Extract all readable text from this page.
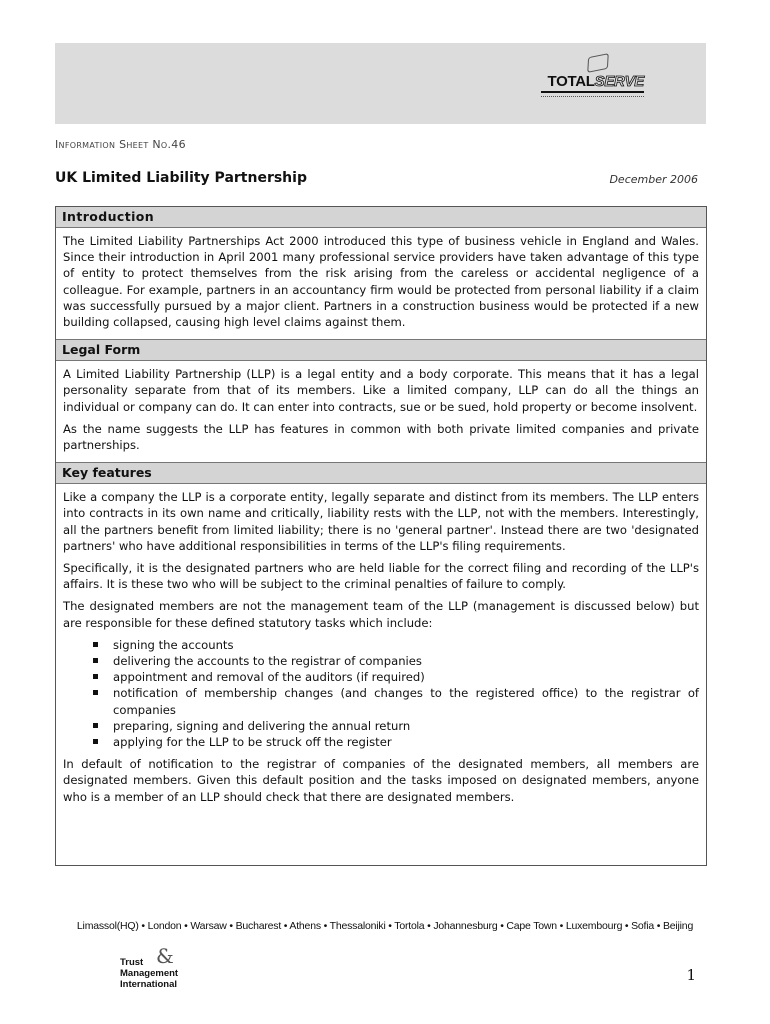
TOTALSERVE
Information Sheet No.46
UK Limited Liability Partnership	December 2006
Introduction

The Limited Liability Partnerships Act 2000 introduced this type of business vehicle in England and Wales. Since their introduction in April 2001 many professional service providers have taken advantage of this type of entity to protect themselves from the risk arising from the careless or accidental negligence of a colleague. For example, partners in an accountancy firm would be protected from personal liability if a claim was successfully pursued by a major client. Partners in a construction business would be protected if a new building collapsed, causing high level claims against them.

Legal Form

A Limited Liability Partnership (LLP) is a legal entity and a body corporate. This means that it has a legal personality separate from that of its members. Like a limited company, LLP can do all the things an individual or company can do. It can enter into contracts, sue or be sued, hold property or become insolvent.

As the name suggests the LLP has features in common with both private limited companies and private partnerships.

Key features

Like a company the LLP is a corporate entity, legally separate and distinct from its members. The LLP enters into contracts in its own name and critically, liability rests with the LLP, not with the members. Interestingly, all the partners benefit from limited liability; there is no 'general partner'. Instead there are two 'designated partners' who have additional responsibilities in terms of the LLP's filing requirements.

Specifically, it is the designated partners who are held liable for the correct filing and recording of the LLP's affairs. It is these two who will be subject to the criminal penalties of failure to comply.

The designated members are not the management team of the LLP (management is discussed below) but are responsible for these defined statutory tasks which include:

signing the accounts
delivering the accounts to the registrar of companies
appointment and removal of the auditors (if required)
notification of membership changes (and changes to the registered office) to the registrar of companies
preparing, signing and delivering the annual return
applying for the LLP to be struck off the register

In default of notification to the registrar of companies of the designated members, all members are designated members. Given this default position and the tasks imposed on designated members, anyone who is a member of an LLP should check that there are designated members.

Limassol(HQ) • London • Warsaw • Bucharest • Athens • Thessaloniki • Tortola • Johannesburg • Cape Town • Luxembourg • Sofia • Beijing
Trust &
Management
International
1
